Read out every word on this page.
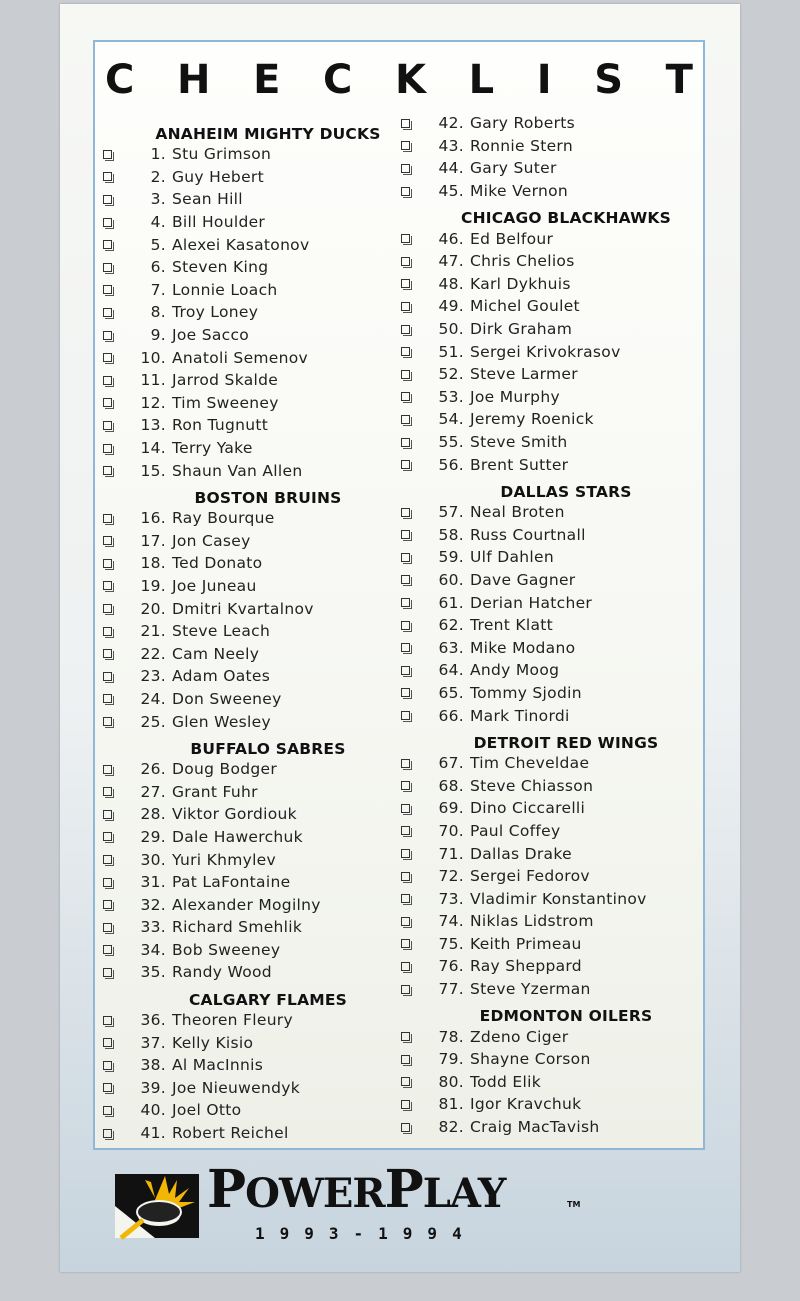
C H E C K L I S T
ANAHEIM MIGHTY DUCKS
1. Stu Grimson
2. Guy Hebert
3. Sean Hill
4. Bill Houlder
5. Alexei Kasatonov
6. Steven King
7. Lonnie Loach
8. Troy Loney
9. Joe Sacco
10. Anatoli Semenov
11. Jarrod Skalde
12. Tim Sweeney
13. Ron Tugnutt
14. Terry Yake
15. Shaun Van Allen
BOSTON BRUINS
16. Ray Bourque
17. Jon Casey
18. Ted Donato
19. Joe Juneau
20. Dmitri Kvartalnov
21. Steve Leach
22. Cam Neely
23. Adam Oates
24. Don Sweeney
25. Glen Wesley
BUFFALO SABRES
26. Doug Bodger
27. Grant Fuhr
28. Viktor Gordiouk
29. Dale Hawerchuk
30. Yuri Khmylev
31. Pat LaFontaine
32. Alexander Mogilny
33. Richard Smehlik
34. Bob Sweeney
35. Randy Wood
CALGARY FLAMES
36. Theoren Fleury
37. Kelly Kisio
38. Al MacInnis
39. Joe Nieuwendyk
40. Joel Otto
41. Robert Reichel
42. Gary Roberts
43. Ronnie Stern
44. Gary Suter
45. Mike Vernon
CHICAGO BLACKHAWKS
46. Ed Belfour
47. Chris Chelios
48. Karl Dykhuis
49. Michel Goulet
50. Dirk Graham
51. Sergei Krivokrasov
52. Steve Larmer
53. Joe Murphy
54. Jeremy Roenick
55. Steve Smith
56. Brent Sutter
DALLAS STARS
57. Neal Broten
58. Russ Courtnall
59. Ulf Dahlen
60. Dave Gagner
61. Derian Hatcher
62. Trent Klatt
63. Mike Modano
64. Andy Moog
65. Tommy Sjodin
66. Mark Tinordi
DETROIT RED WINGS
67. Tim Cheveldae
68. Steve Chiasson
69. Dino Ciccarelli
70. Paul Coffey
71. Dallas Drake
72. Sergei Fedorov
73. Vladimir Konstantinov
74. Niklas Lidstrom
75. Keith Primeau
76. Ray Sheppard
77. Steve Yzerman
EDMONTON OILERS
78. Zdeno Ciger
79. Shayne Corson
80. Todd Elik
81. Igor Kravchuk
82. Craig MacTavish
POWERPLAY	TM
1993-1994
